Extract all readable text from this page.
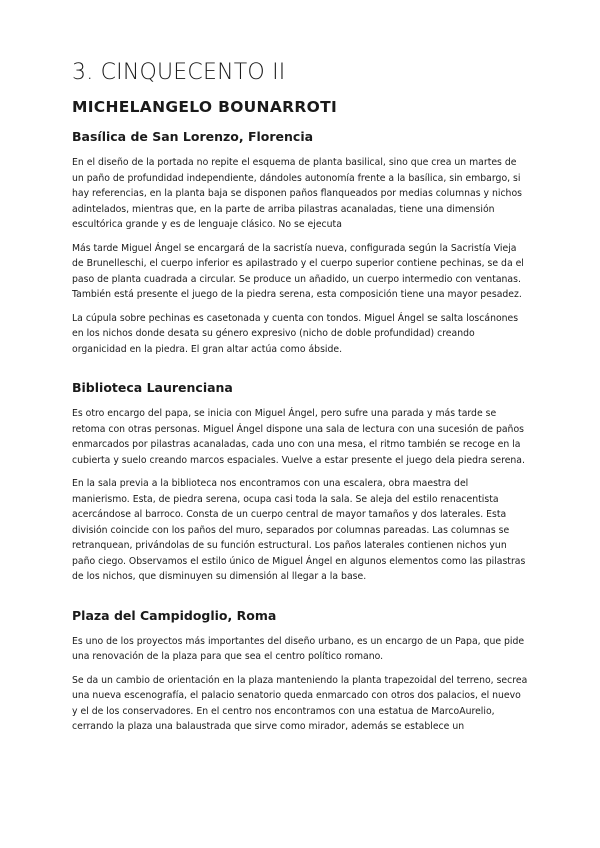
3. CINQUECENTO II
MICHELANGELO BOUNARROTI
Basílica de San Lorenzo, Florencia

En el diseño de la portada no repite el esquema de planta basilical, sino que crea un martes de un paño de profundidad independiente, dándoles autonomía frente a la basílica, sin embargo, si hay referencias, en la planta baja se disponen paños flanqueados por medias columnas y nichos adintelados, mientras que, en la parte de arriba pilastras acanaladas, tiene una dimensión escultórica grande y es de lenguaje clásico. No se ejecuta

Más tarde Miguel Ángel se encargará de la sacristía nueva, configurada según la Sacristía Vieja de Brunelleschi, el cuerpo inferior es apilastrado y el cuerpo superior contiene pechinas, se da el paso de planta cuadrada a circular. Se produce un añadido, un cuerpo intermedio con ventanas. También está presente el juego de la piedra serena, esta composición tiene una mayor pesadez.

La cúpula sobre pechinas es casetonada y cuenta con tondos. Miguel Ángel se salta loscánones en los nichos donde desata su género expresivo (nicho de doble profundidad) creando organicidad en la piedra. El gran altar actúa como ábside.

Biblioteca Laurenciana

Es otro encargo del papa, se inicia con Miguel Ángel, pero sufre una parada y más tarde se retoma con otras personas. Miguel Ángel dispone una sala de lectura con una sucesión de paños enmarcados por pilastras acanaladas, cada uno con una mesa, el ritmo también se recoge en la cubierta y suelo creando marcos espaciales. Vuelve a estar presente el juego dela piedra serena.

En la sala previa a la biblioteca nos encontramos con una escalera, obra maestra del manierismo. Esta, de piedra serena, ocupa casi toda la sala. Se aleja del estilo renacentista acercándose al barroco. Consta de un cuerpo central de mayor tamaños y dos laterales. Esta división coincide con los paños del muro, separados por columnas pareadas. Las columnas se retranquean, privándolas de su función estructural. Los paños laterales contienen nichos yun paño ciego. Observamos el estilo único de Miguel Ángel en algunos elementos como las pilastras de los nichos, que disminuyen su dimensión al llegar a la base.

Plaza del Campidoglio, Roma

Es uno de los proyectos más importantes del diseño urbano, es un encargo de un Papa, que pide una renovación de la plaza para que sea el centro político romano.

Se da un cambio de orientación en la plaza manteniendo la planta trapezoidal del terreno, secrea una nueva escenografía, el palacio senatorio queda enmarcado con otros dos palacios, el nuevo y el de los conservadores. En el centro nos encontramos con una estatua de MarcoAurelio, cerrando la plaza una balaustrada que sirve como mirador, además se establece un
